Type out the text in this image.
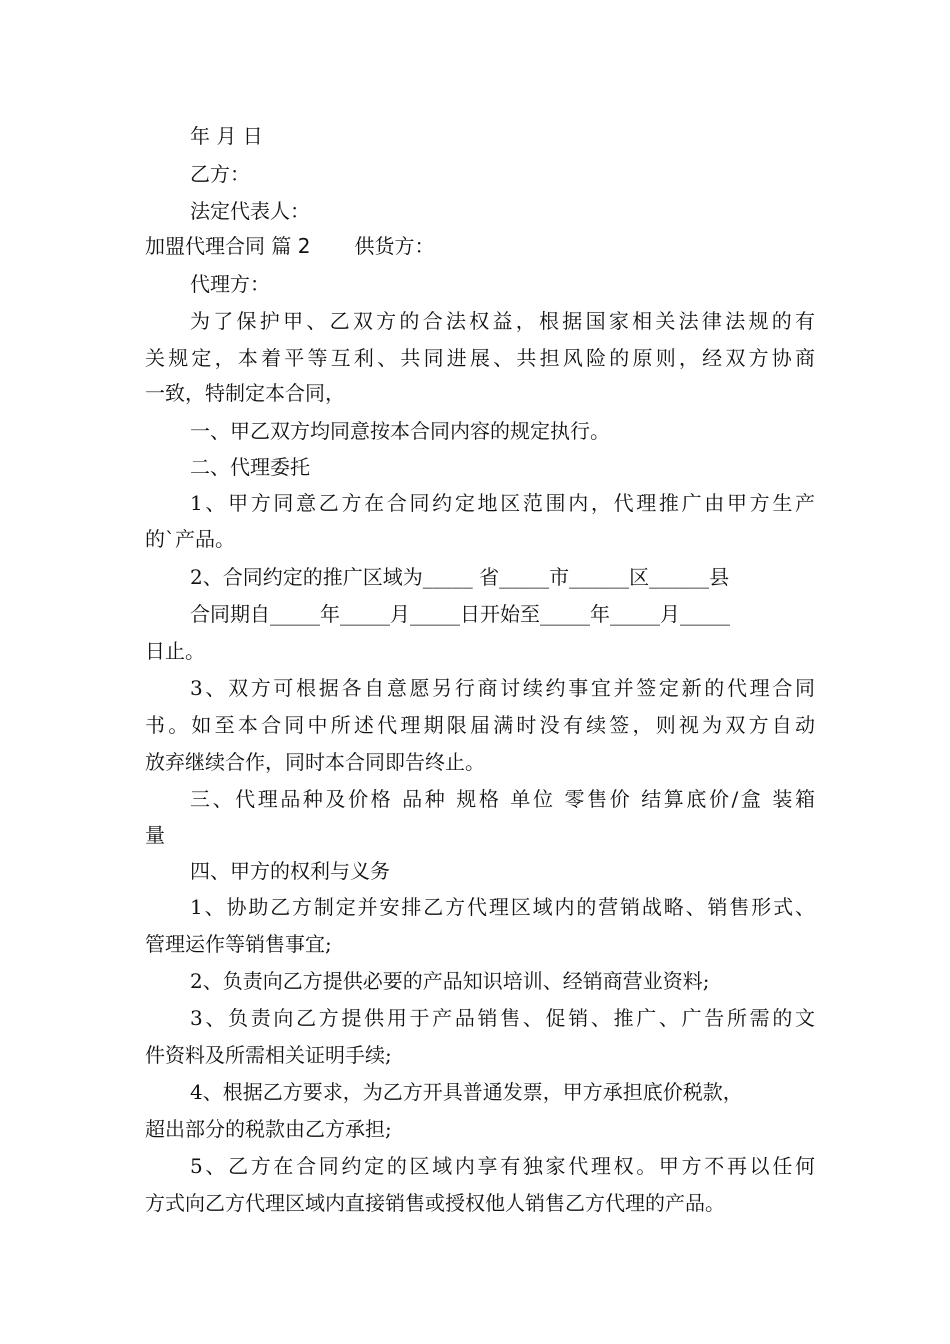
年 月 日
乙方：
法定代表人：
加盟代理合同 篇 2 供货方：
代理方：
为了保护甲、乙双方的合法权益，根据国家相关法律法规的有
关规定，本着平等互利、共同进展、共担风险的原则，经双方协商
一致，特制定本合同，
一、甲乙双方均同意按本合同内容的规定执行。
二、代理委托
1、甲方同意乙方在合同约定地区范围内，代理推广由甲方生产
的`产品。
2、合同约定的推广区域为_____ 省_____市______区______县
合同期自_____年_____月_____日开始至_____年_____月_____
日止。
3、双方可根据各自意愿另行商讨续约事宜并签定新的代理合同
书。如至本合同中所述代理期限届满时没有续签，则视为双方自动
放弃继续合作，同时本合同即告终止。
三、代理品种及价格 品种 规格 单位 零售价 结算底价/盒 装箱
量
四、甲方的权利与义务
1、协助乙方制定并安排乙方代理区域内的营销战略、销售形式、
管理运作等销售事宜;
2、负责向乙方提供必要的产品知识培训、经销商营业资料;
3、负责向乙方提供用于产品销售、促销、推广、广告所需的文
件资料及所需相关证明手续;
4、根据乙方要求，为乙方开具普通发票，甲方承担底价税款，
超出部分的税款由乙方承担;
5、乙方在合同约定的区域内享有独家代理权。甲方不再以任何
方式向乙方代理区域内直接销售或授权他人销售乙方代理的产品。
